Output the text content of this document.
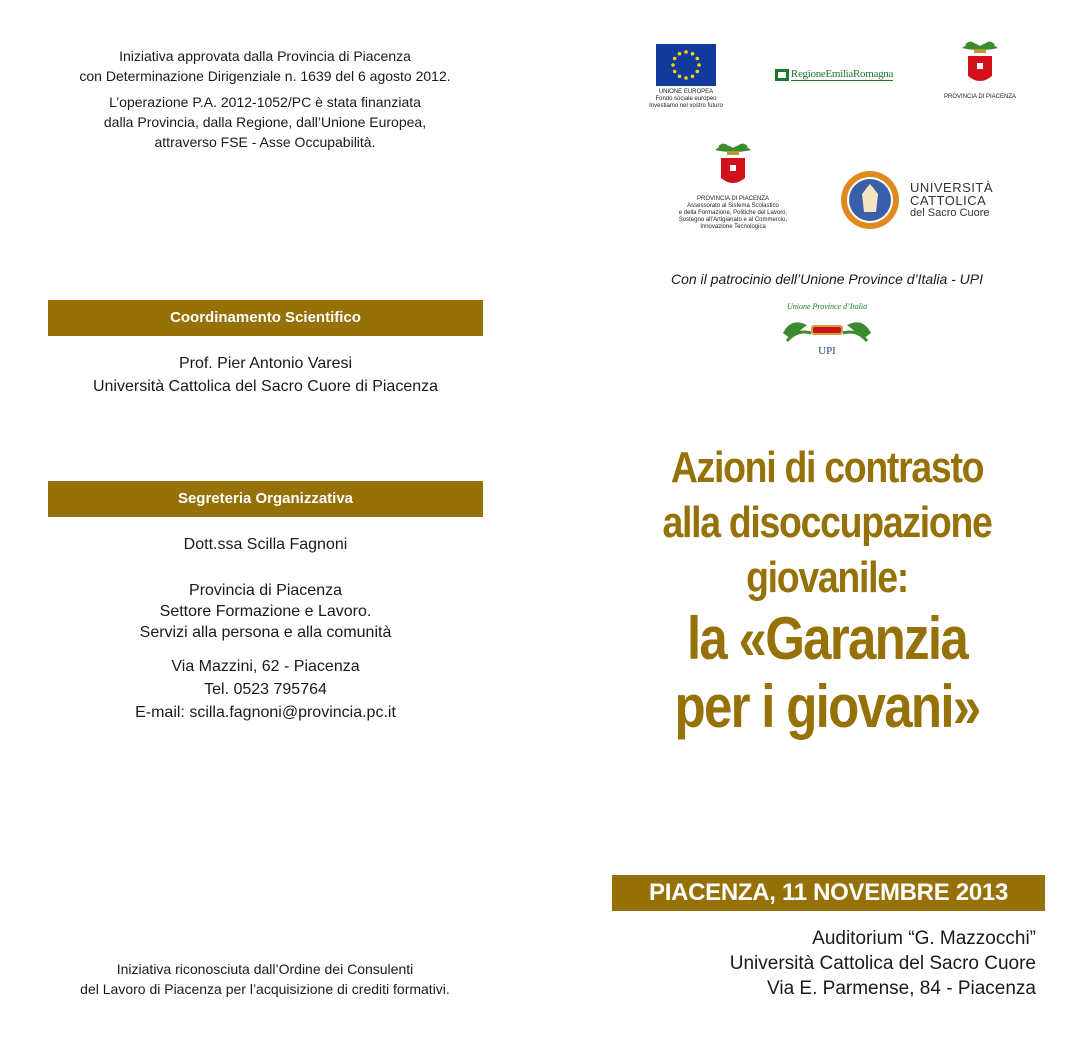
Iniziativa approvata dalla Provincia di Piacenza
con Determinazione Dirigenziale n. 1639 del 6 agosto 2012.
L’operazione P.A. 2012-1052/PC è stata finanziata
dalla Provincia, dalla Regione, dall’Unione Europea,
attraverso FSE - Asse Occupabilità.
Coordinamento Scientifico
Prof. Pier Antonio Varesi
Università Cattolica del Sacro Cuore di Piacenza
Segreteria Organizzativa
Dott.ssa Scilla Fagnoni
Provincia di Piacenza
Settore Formazione e Lavoro.
Servizi alla persona e alla comunità
Via Mazzini, 62 - Piacenza
Tel. 0523 795764
E-mail: scilla.fagnoni@provincia.pc.it
Iniziativa riconosciuta dall’Ordine dei Consulenti
del Lavoro di Piacenza per l’acquisizione di crediti formativi.
UNIONE EUROPEA
Fondo sociale europeo
Investiamo nel vostro futuro
RegioneEmiliaRomagna
PROVINCIA DI PIACENZA
PROVINCIA DI PIACENZA
Assessorato al Sistema Scolastico
e della Formazione, Politiche del Lavoro,
Sostegno all’Artigianato e al Commercio,
Innovazione Tecnologica
UNIVERSITÀ
CATTOLICA
del Sacro Cuore
Con il patrocinio dell’Unione Province d’Italia - UPI
Unione Province d’Italia
UPI
Azioni di contrasto
alla disoccupazione
giovanile:
la «Garanzia
per i giovani»
PIACENZA, 11 NOVEMBRE 2013
Auditorium “G. Mazzocchi”
Università Cattolica del Sacro Cuore
Via E. Parmense, 84 - Piacenza
